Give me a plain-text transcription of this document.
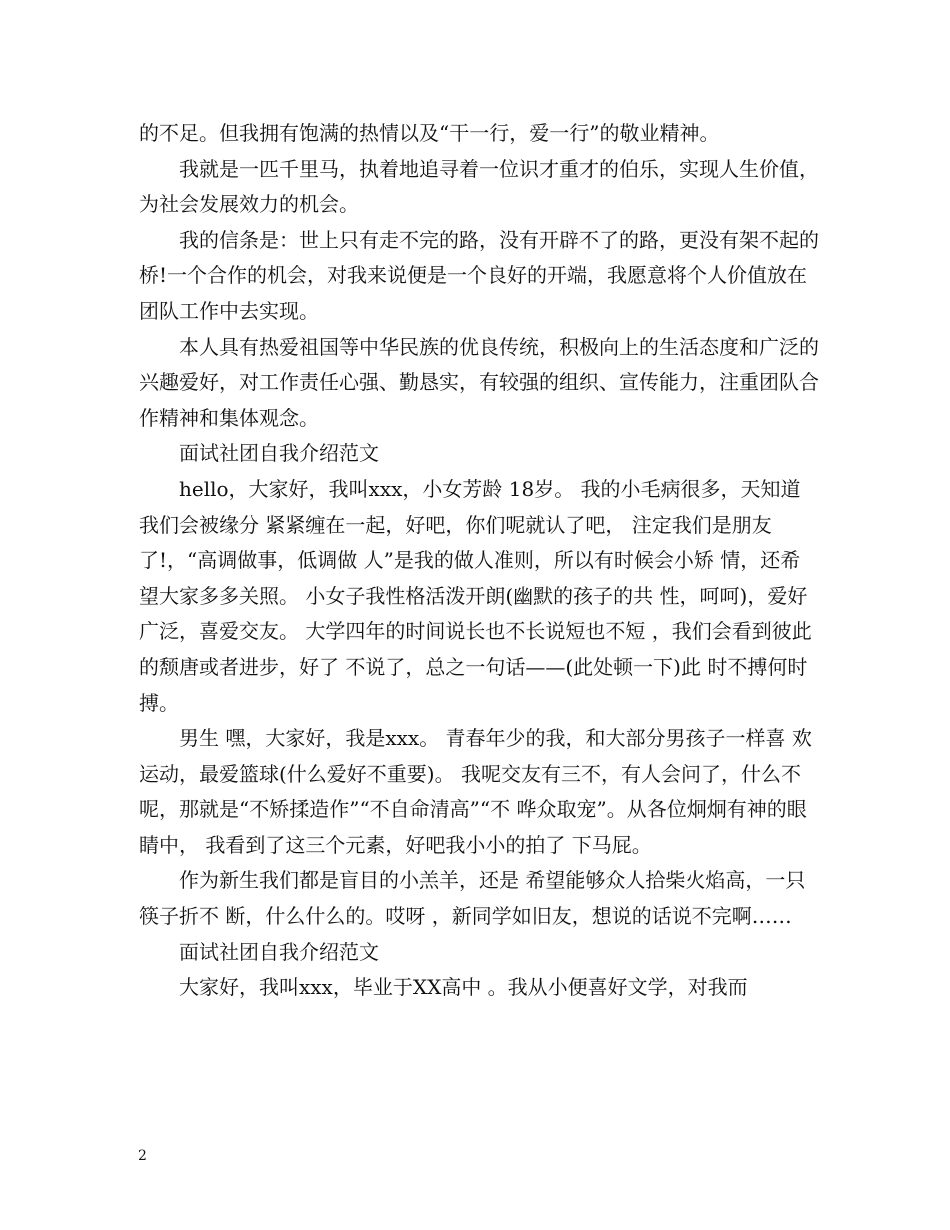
的不足。但我拥有饱满的热情以及“干一行，爱一行”的敬业精神。

我就是一匹千里马，执着地追寻着一位识才重才的伯乐，实现人生价值，为社会发展效力的机会。

我的信条是：世上只有走不完的路，没有开辟不了的路，更没有架不起的桥!一个合作的机会，对我来说便是一个良好的开端，我愿意将个人价值放在团队工作中去实现。

本人具有热爱祖国等中华民族的优良传统，积极向上的生活态度和广泛的兴趣爱好，对工作责任心强、勤恳实，有较强的组织、宣传能力，注重团队合作精神和集体观念。

面试社团自我介绍范文

hello，大家好，我叫xxx，小女芳龄 18岁。 我的小毛病很多，天知道我们会被缘分 紧紧缠在一起，好吧，你们呢就认了吧， 注定我们是朋友了!，“高调做事，低调做 人”是我的做人准则，所以有时候会小矫 情，还希望大家多多关照。 小女子我性格活泼开朗(幽默的孩子的共 性，呵呵)，爱好广泛，喜爱交友。 大学四年的时间说长也不长说短也不短 ，我们会看到彼此的颓唐或者进步，好了 不说了，总之一句话——(此处顿一下)此 时不搏何时搏。

男生 嘿，大家好，我是xxx。 青春年少的我，和大部分男孩子一样喜 欢运动，最爱篮球(什么爱好不重要)。 我呢交友有三不，有人会问了，什么不 呢，那就是“不矫揉造作”“不自命清高”“不 哗众取宠”。从各位炯炯有神的眼睛中， 我看到了这三个元素，好吧我小小的拍了 下马屁。

作为新生我们都是盲目的小羔羊，还是 希望能够众人拾柴火焰高，一只筷子折不 断，什么什么的。哎呀 ，新同学如旧友，想说的话说不完啊……

面试社团自我介绍范文

大家好，我叫xxx，毕业于XX高中 。我从小便喜好文学，对我而

2
